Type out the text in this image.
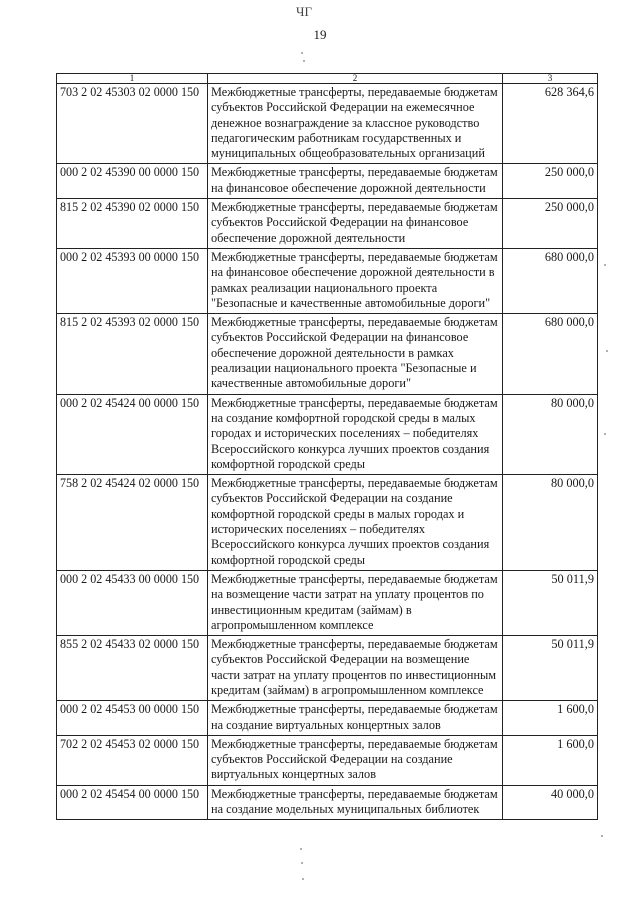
ЧГ
19
1	2	3
703 2 02 45303 02 0000 150	Межбюджетные трансферты, передаваемые бюджетам субъектов Российской Федерации на ежемесячное денежное вознаграждение за классное руководство педагогическим работникам государственных и муниципальных общеобразовательных организаций	628 364,6
000 2 02 45390 00 0000 150	Межбюджетные трансферты, передаваемые бюджетам на финансовое обеспечение дорожной деятельности	250 000,0
815 2 02 45390 02 0000 150	Межбюджетные трансферты, передаваемые бюджетам субъектов Российской Федерации на финансовое обеспечение дорожной деятельности	250 000,0
000 2 02 45393 00 0000 150	Межбюджетные трансферты, передаваемые бюджетам на финансовое обеспечение дорожной деятельности в рамках реализации национального проекта "Безопасные и качественные автомобильные дороги"	680 000,0
815 2 02 45393 02 0000 150	Межбюджетные трансферты, передаваемые бюджетам субъектов Российской Федерации на финансовое обеспечение дорожной деятельности в рамках реализации национального проекта "Безопасные и качественные автомобильные дороги"	680 000,0
000 2 02 45424 00 0000 150	Межбюджетные трансферты, передаваемые бюджетам на создание комфортной городской среды в малых городах и исторических поселениях – победителях Всероссийского конкурса лучших проектов создания комфортной городской среды	80 000,0
758 2 02 45424 02 0000 150	Межбюджетные трансферты, передаваемые бюджетам субъектов Российской Федерации на создание комфортной городской среды в малых городах и исторических поселениях – победителях Всероссийского конкурса лучших проектов создания комфортной городской среды	80 000,0
000 2 02 45433 00 0000 150	Межбюджетные трансферты, передаваемые бюджетам на возмещение части затрат на уплату процентов по инвестиционным кредитам (займам) в агропромышленном комплексе	50 011,9
855 2 02 45433 02 0000 150	Межбюджетные трансферты, передаваемые бюджетам субъектов Российской Федерации на возмещение части затрат на уплату процентов по инвестиционным кредитам (займам) в агропромышленном комплексе	50 011,9
000 2 02 45453 00 0000 150	Межбюджетные трансферты, передаваемые бюджетам на создание виртуальных концертных залов	1 600,0
702 2 02 45453 02 0000 150	Межбюджетные трансферты, передаваемые бюджетам субъектов Российской Федерации на создание виртуальных концертных залов	1 600,0
000 2 02 45454 00 0000 150	Межбюджетные трансферты, передаваемые бюджетам на создание модельных муниципальных библиотек	40 000,0
